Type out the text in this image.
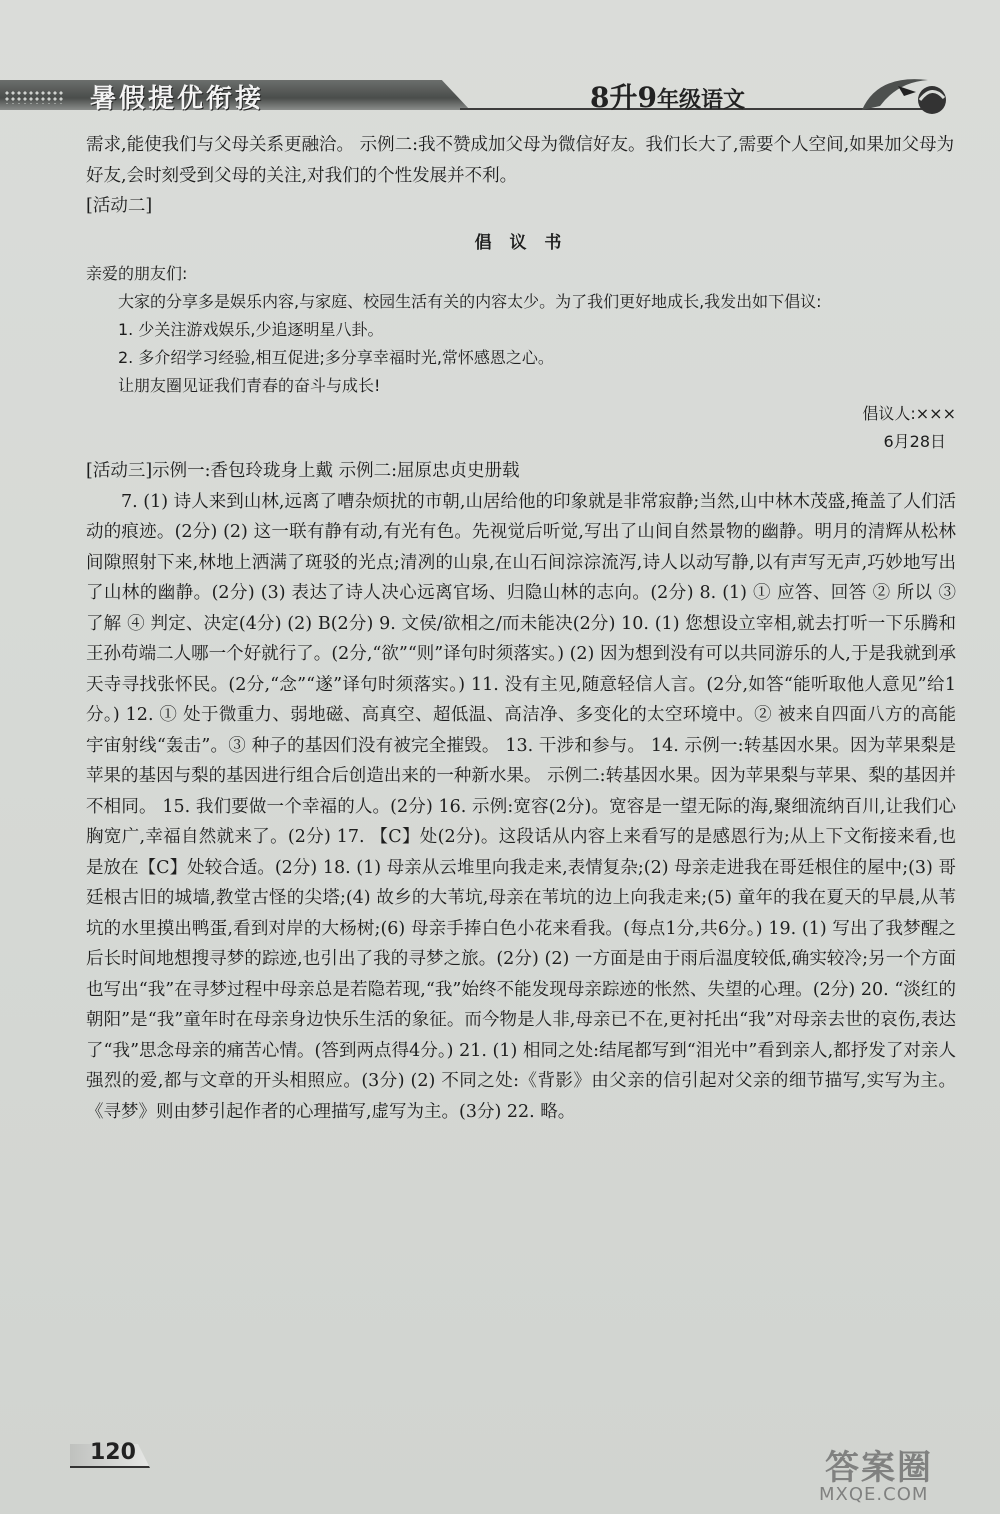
暑假提优衔接	8升9年级语文

需求,能使我们与父母关系更融洽。 示例二:我不赞成加父母为微信好友。我们长大了,需要个人空间,如果加父母为好友,会时刻受到父母的关注,对我们的个性发展并不利。

[活动二]

倡 议 书

亲爱的朋友们:

大家的分享多是娱乐内容,与家庭、校园生活有关的内容太少。为了我们更好地成长,我发出如下倡议:

1. 少关注游戏娱乐,少追逐明星八卦。

2. 多介绍学习经验,相互促进;多分享幸福时光,常怀感恩之心。

让朋友圈见证我们青春的奋斗与成长!

倡议人:×××

6月28日

[活动三]示例一:香包玲珑身上戴 示例二:屈原忠贞史册载

7. (1) 诗人来到山林,远离了嘈杂烦扰的市朝,山居给他的印象就是非常寂静;当然,山中林木茂盛,掩盖了人们活动的痕迹。(2分) (2) 这一联有静有动,有光有色。先视觉后听觉,写出了山间自然景物的幽静。明月的清辉从松林间隙照射下来,林地上洒满了斑驳的光点;清冽的山泉,在山石间淙淙流泻,诗人以动写静,以有声写无声,巧妙地写出了山林的幽静。(2分) (3) 表达了诗人决心远离官场、归隐山林的志向。(2分) 8. (1) ① 应答、回答 ② 所以 ③ 了解 ④ 判定、决定(4分) (2) B(2分) 9. 文侯/欲相之/而未能决(2分) 10. (1) 您想设立宰相,就去打听一下乐腾和王孙苟端二人哪一个好就行了。(2分,“欲”“则”译句时须落实。) (2) 因为想到没有可以共同游乐的人,于是我就到承天寺寻找张怀民。(2分,“念”“遂”译句时须落实。) 11. 没有主见,随意轻信人言。(2分,如答“能听取他人意见”给1分。) 12. ① 处于微重力、弱地磁、高真空、超低温、高洁净、多变化的太空环境中。② 被来自四面八方的高能宇宙射线“轰击”。③ 种子的基因们没有被完全摧毁。 13. 干涉和参与。 14. 示例一:转基因水果。因为苹果梨是苹果的基因与梨的基因进行组合后创造出来的一种新水果。 示例二:转基因水果。因为苹果梨与苹果、梨的基因并不相同。 15. 我们要做一个幸福的人。(2分) 16. 示例:宽容(2分)。宽容是一望无际的海,聚细流纳百川,让我们心胸宽广,幸福自然就来了。(2分) 17. 【C】处(2分)。这段话从内容上来看写的是感恩行为;从上下文衔接来看,也是放在【C】处较合适。(2分) 18. (1) 母亲从云堆里向我走来,表情复杂;(2) 母亲走进我在哥廷根住的屋中;(3) 哥廷根古旧的城墙,教堂古怪的尖塔;(4) 故乡的大苇坑,母亲在苇坑的边上向我走来;(5) 童年的我在夏天的早晨,从苇坑的水里摸出鸭蛋,看到对岸的大杨树;(6) 母亲手捧白色小花来看我。(每点1分,共6分。) 19. (1) 写出了我梦醒之后长时间地想搜寻梦的踪迹,也引出了我的寻梦之旅。(2分) (2) 一方面是由于雨后温度较低,确实较冷;另一个方面也写出“我”在寻梦过程中母亲总是若隐若现,“我”始终不能发现母亲踪迹的怅然、失望的心理。(2分) 20. “淡红的朝阳”是“我”童年时在母亲身边快乐生活的象征。而今物是人非,母亲已不在,更衬托出“我”对母亲去世的哀伤,表达了“我”思念母亲的痛苦心情。(答到两点得4分。) 21. (1) 相同之处:结尾都写到“泪光中”看到亲人,都抒发了对亲人强烈的爱,都与文章的开头相照应。(3分) (2) 不同之处:《背影》由父亲的信引起对父亲的细节描写,实写为主。《寻梦》则由梦引起作者的心理描写,虚写为主。(3分) 22. 略。

120	答案圈
MXQE.COM
